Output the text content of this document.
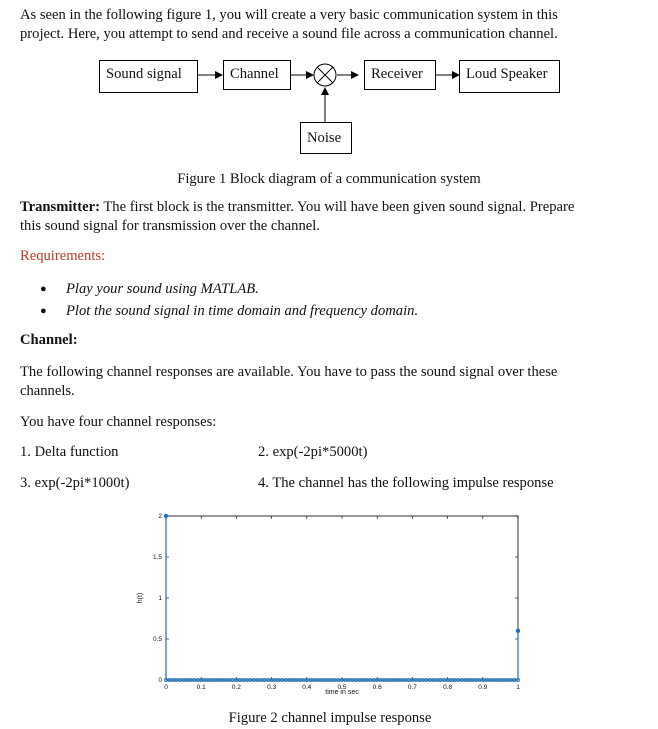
As seen in the following figure 1, you will create a very basic communication system in this
project. Here, you attempt to send and receive a sound file across a communication channel.
Sound signal	Channel	Receiver	Loud Speaker
Noise
Figure 1 Block diagram of a communication system
Transmitter: The first block is the transmitter. You will have been given sound signal. Prepare
this sound signal for transmission over the channel.
Requirements:
● Play your sound using MATLAB.
● Plot the sound signal in time domain and frequency domain.
Channel:
The following channel responses are available. You have to pass the sound signal over these
channels.
You have four channel responses:
1. Delta function	2. exp(-2pi*5000t)
3. exp(-2pi*1000t)	4. The channel has the following impulse response
0	0.1	0.2	0.3	0.4	0.5	0.6	0.7	0.8	0.9	1
0
0.5
1
1.5
2
time in sec
h(t)
Figure 2 channel impulse response
